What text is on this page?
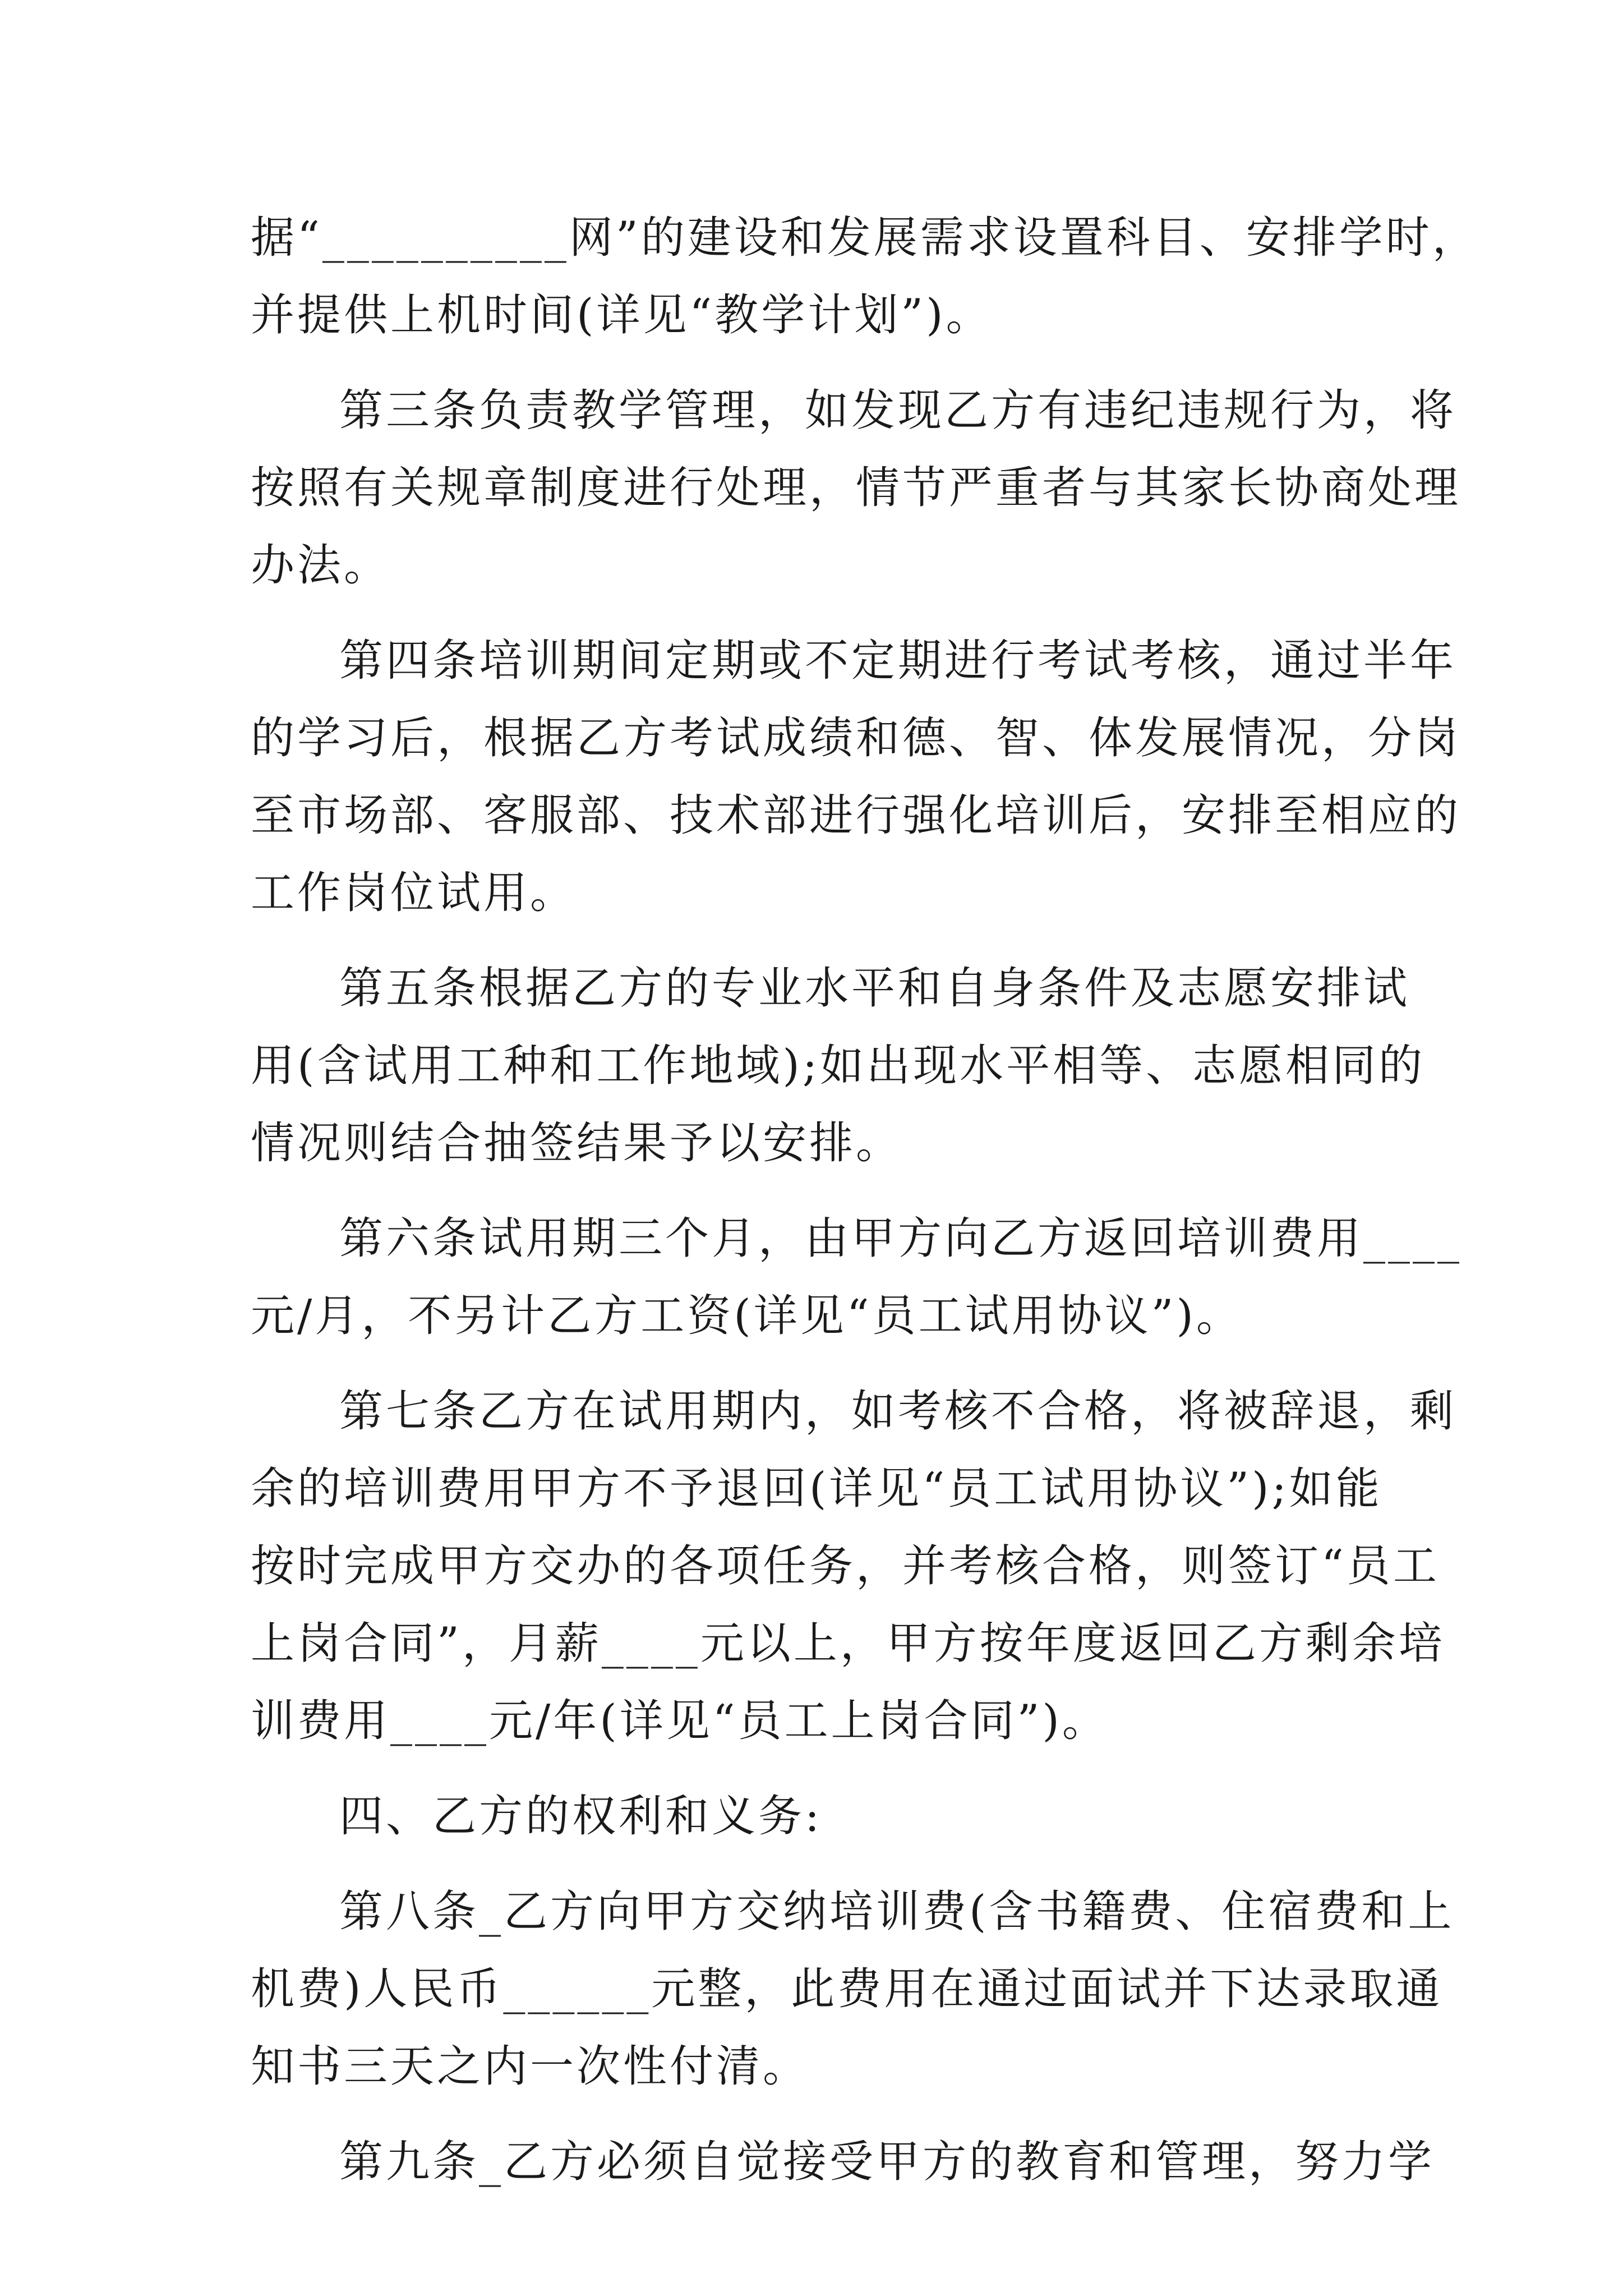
据“__________网”的建设和发展需求设置科目、安排学时，
并提供上机时间(详见“教学计划”)。
第三条负责教学管理，如发现乙方有违纪违规行为，将
按照有关规章制度进行处理，情节严重者与其家长协商处理
办法。
第四条培训期间定期或不定期进行考试考核，通过半年
的学习后，根据乙方考试成绩和德、智、体发展情况，分岗
至市场部、客服部、技术部进行强化培训后，安排至相应的
工作岗位试用。
第五条根据乙方的专业水平和自身条件及志愿安排试
用(含试用工种和工作地域);如出现水平相等、志愿相同的
情况则结合抽签结果予以安排。
第六条试用期三个月，由甲方向乙方返回培训费用____
元/月，不另计乙方工资(详见“员工试用协议”)。
第七条乙方在试用期内，如考核不合格，将被辞退，剩
余的培训费用甲方不予退回(详见“员工试用协议”);如能
按时完成甲方交办的各项任务，并考核合格，则签订“员工
上岗合同”，月薪____元以上，甲方按年度返回乙方剩余培
训费用____元/年(详见“员工上岗合同”)。
四、乙方的权利和义务:
第八条_乙方向甲方交纳培训费(含书籍费、住宿费和上
机费)人民币______元整，此费用在通过面试并下达录取通
知书三天之内一次性付清。
第九条_乙方必须自觉接受甲方的教育和管理，努力学
